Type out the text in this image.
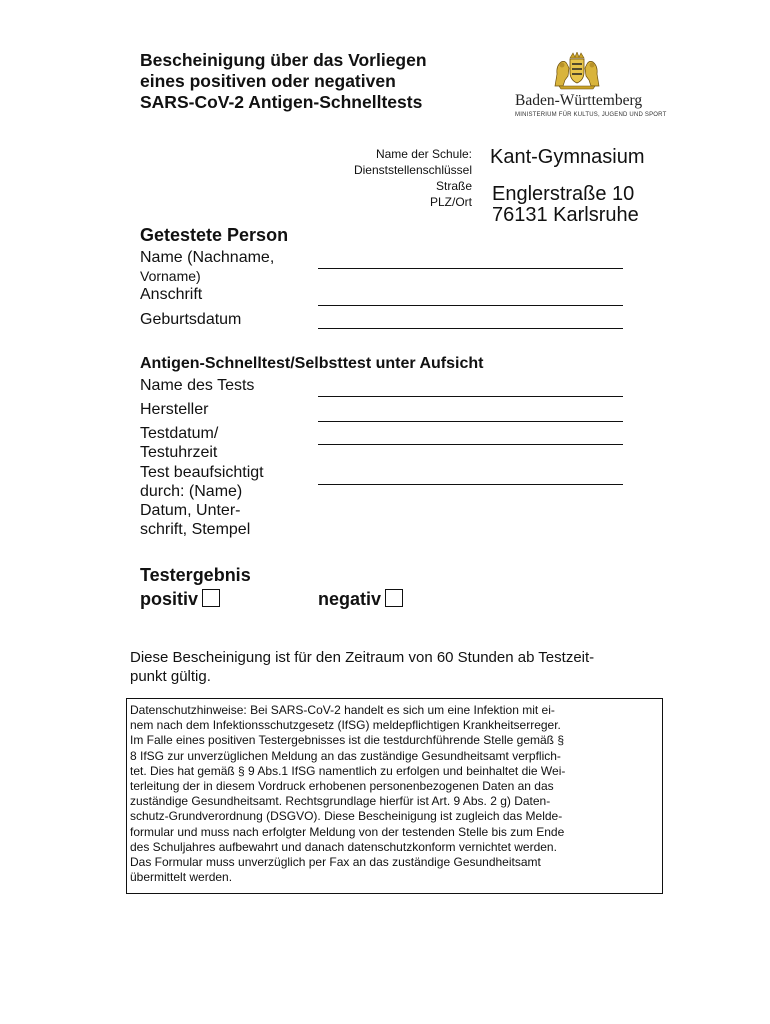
Bescheinigung über das Vorliegen
eines positiven oder negativen
SARS-CoV-2 Antigen-Schnelltests	Baden-Württemberg
MINISTERIUM FÜR KULTUS, JUGEND UND SPORT
Name der Schule:
Dienststellenschlüssel
Straße
PLZ/Ort
Kant-Gymnasium
Englerstraße 10
76131 Karlsruhe
Getestete Person
Name (Nachname,
Vorname)
Anschrift
Geburtsdatum
Antigen-Schnelltest/Selbsttest unter Aufsicht
Name des Tests
Hersteller
Testdatum/
Testuhrzeit
Test beaufsichtigt
durch: (Name)
Datum, Unter-
schrift, Stempel
Testergebnis
positiv	negativ
Diese Bescheinigung ist für den Zeitraum von 60 Stunden ab Testzeit-
punkt gültig.
Datenschutzhinweise: Bei SARS-CoV-2 handelt es sich um eine Infektion mit ei-
nem nach dem Infektionsschutzgesetz (IfSG) meldepflichtigen Krankheitserreger.
Im Falle eines positiven Testergebnisses ist die testdurchführende Stelle gemäß §
8 IfSG zur unverzüglichen Meldung an das zuständige Gesundheitsamt verpflich-
tet. Dies hat gemäß § 9 Abs.1 IfSG namentlich zu erfolgen und beinhaltet die Wei-
terleitung der in diesem Vordruck erhobenen personenbezogenen Daten an das
zuständige Gesundheitsamt. Rechtsgrundlage hierfür ist Art. 9 Abs. 2 g) Daten-
schutz-Grundverordnung (DSGVO). Diese Bescheinigung ist zugleich das Melde-
formular und muss nach erfolgter Meldung von der testenden Stelle bis zum Ende
des Schuljahres aufbewahrt und danach datenschutzkonform vernichtet werden.
Das Formular muss unverzüglich per Fax an das zuständige Gesundheitsamt
übermittelt werden.
